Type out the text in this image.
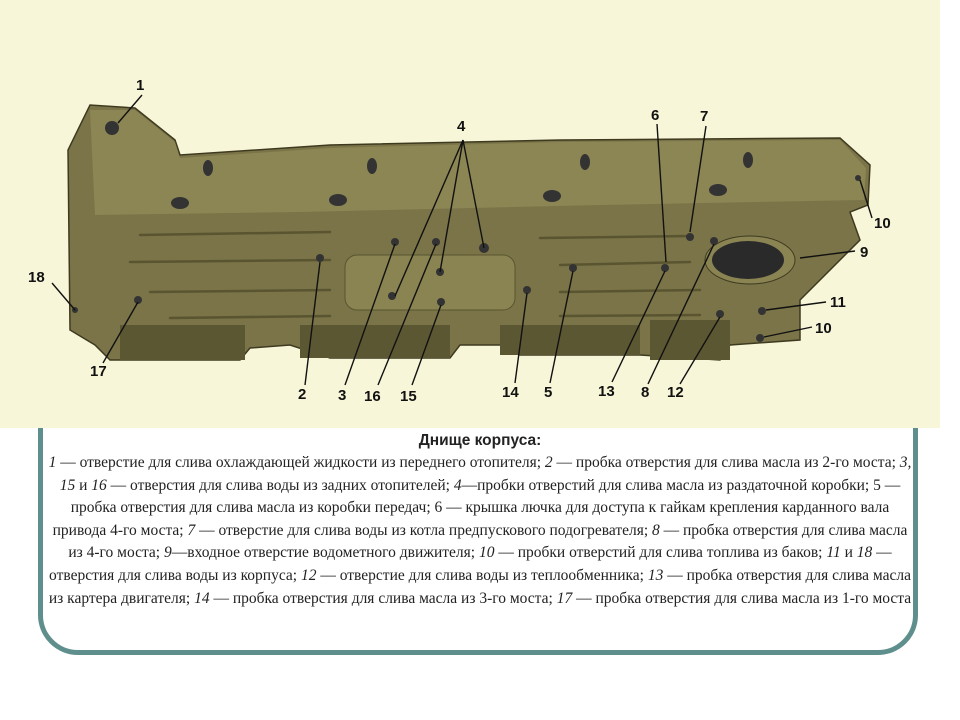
1
4
6	7
10
9
11
10
18
17
2 3 16 15	14 5	13 8 12
Днище корпуса:
1 — отверстие для слива охлаждающей жидкости из переднего отопителя; 2 — пробка отверстия для слива масла из 2-го моста; 3, 15 и 16 — отверстия для слива воды из задних отопителей; 4—пробки отверстий для слива масла из раздаточной коробки; 5 — пробка отверстия для слива масла из коробки передач; 6 — крышка лючка для доступа к гайкам крепления карданного вала привода 4-го моста; 7 — отверстие для слива воды из котла предпускового подогревателя; 8 — пробка отверстия для слива масла из 4-го моста; 9—входное отверстие водометного движителя; 10 — пробки отверстий для слива топлива из баков; 11 и 18 — отверстия для слива воды из корпуса; 12 — отверстие для слива воды из теплообменника; 13 — пробка отверстия для слива масла из картера двигателя; 14 — пробка отверстия для слива масла из 3-го моста; 17 — пробка отверстия для слива масла из 1-го моста
